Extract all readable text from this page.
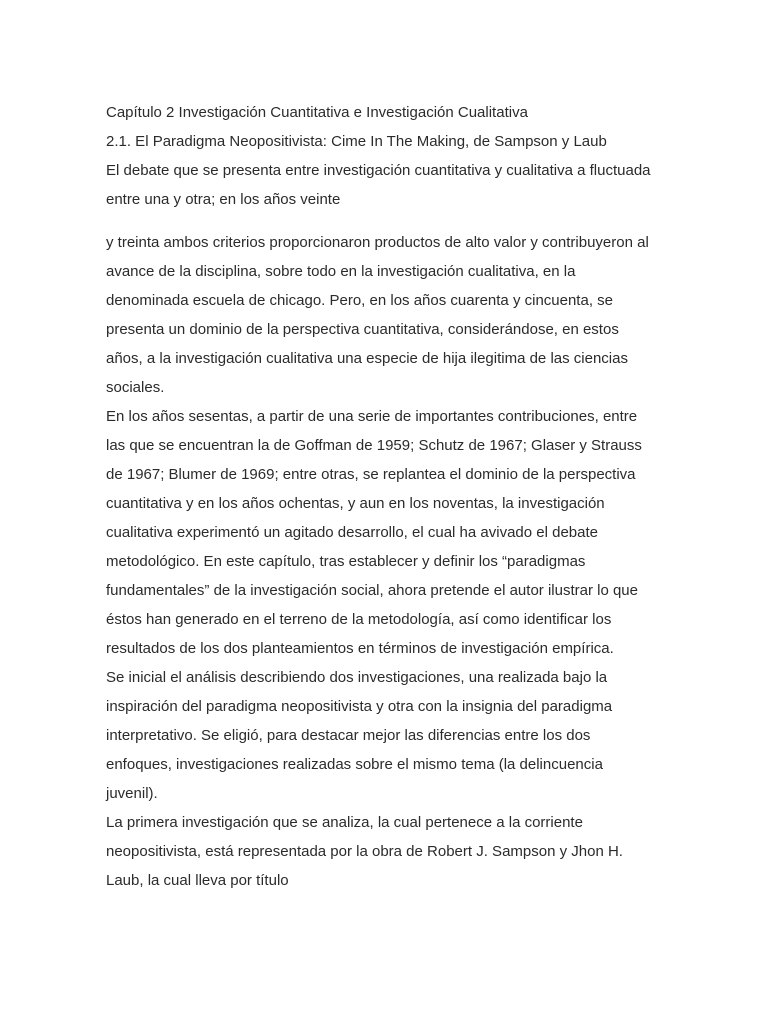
Capítulo 2 Investigación Cuantitativa e Investigación Cualitativa
2.1. El Paradigma Neopositivista: Cime In The Making, de Sampson y Laub
El debate que se presenta entre investigación cuantitativa y cualitativa a fluctuada
entre una y otra; en los años veinte
y treinta ambos criterios proporcionaron productos de alto valor y contribuyeron al
avance de la disciplina, sobre todo en la investigación cualitativa, en la
denominada escuela de chicago. Pero, en los años cuarenta y cincuenta, se
presenta un dominio de la perspectiva cuantitativa, considerándose, en estos
años, a la investigación cualitativa una especie de hija ilegitima de las ciencias
sociales.
En los años sesentas, a partir de una serie de importantes contribuciones, entre
las que se encuentran la de Goffman de 1959; Schutz de 1967; Glaser y Strauss
de 1967; Blumer de 1969; entre otras, se replantea el dominio de la perspectiva
cuantitativa y en los años ochentas, y aun en los noventas, la investigación
cualitativa experimentó un agitado desarrollo, el cual ha avivado el debate
metodológico. En este capítulo, tras establecer y definir los “paradigmas
fundamentales” de la investigación social, ahora pretende el autor ilustrar lo que
éstos han generado en el terreno de la metodología, así como identificar los
resultados de los dos planteamientos en términos de investigación empírica.
Se inicial el análisis describiendo dos investigaciones, una realizada bajo la
inspiración del paradigma neopositivista y otra con la insignia del paradigma
interpretativo. Se eligió, para destacar mejor las diferencias entre los dos
enfoques, investigaciones realizadas sobre el mismo tema (la delincuencia
juvenil).
La primera investigación que se analiza, la cual pertenece a la corriente
neopositivista, está representada por la obra de Robert J. Sampson y Jhon H.
Laub, la cual lleva por título
